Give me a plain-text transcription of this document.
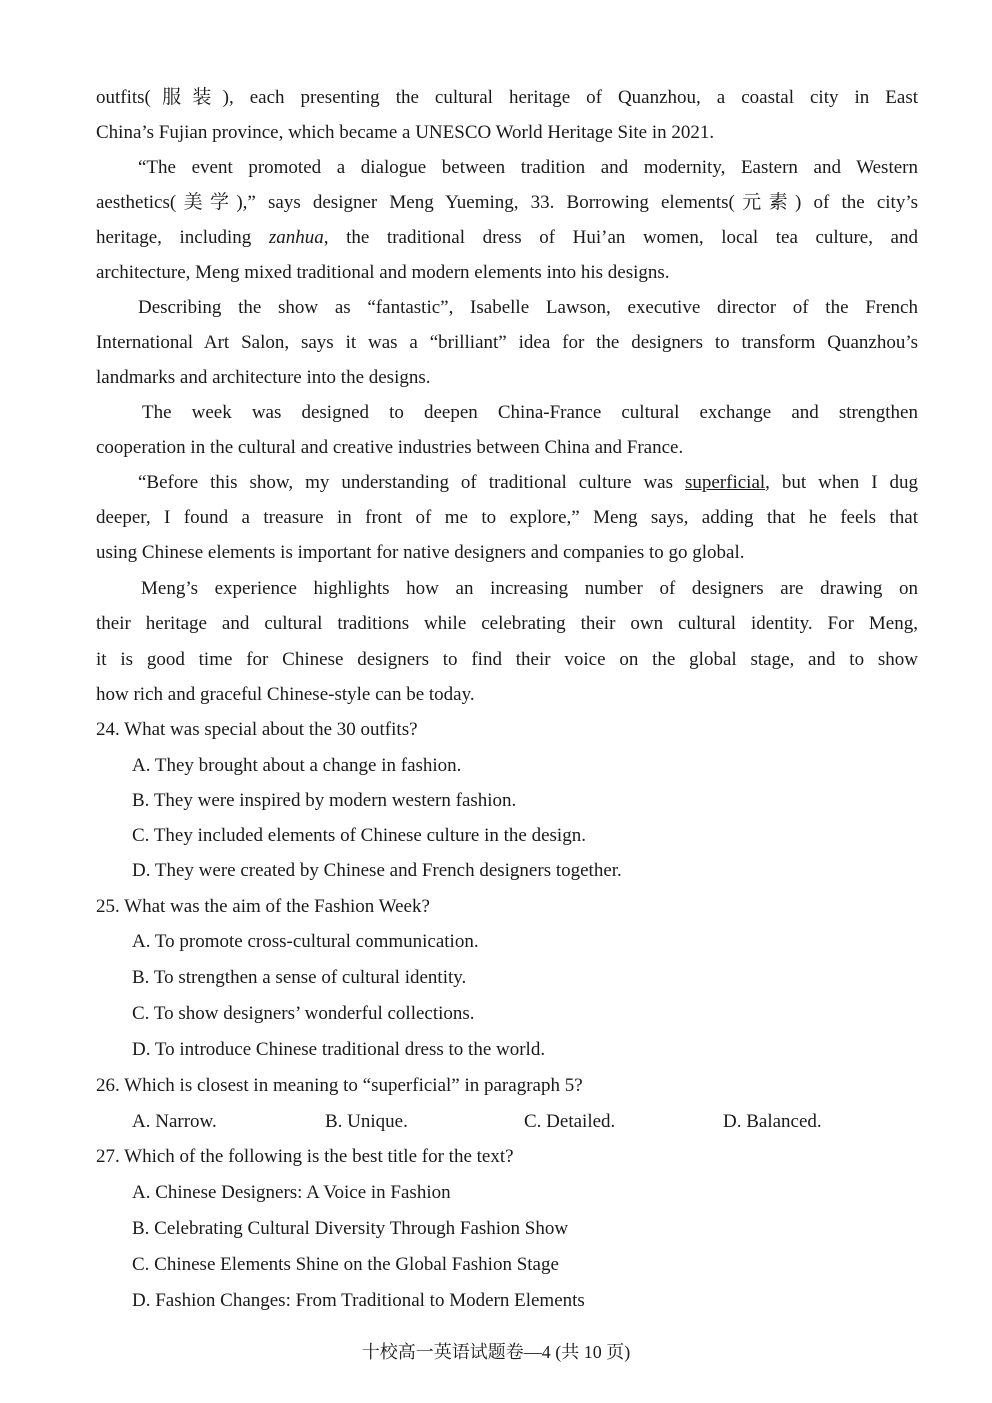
outfits(服装), each presenting the cultural heritage of Quanzhou, a coastal city in East
China’s Fujian province, which became a UNESCO World Heritage Site in 2021.
“The event promoted a dialogue between tradition and modernity, Eastern and Western
aesthetics(美学),” says designer Meng Yueming, 33. Borrowing elements(元素) of the city’s
heritage, including zanhua, the traditional dress of Hui’an women, local tea culture, and
architecture, Meng mixed traditional and modern elements into his designs.
Describing the show as “fantastic”, Isabelle Lawson, executive director of the French
International Art Salon, says it was a “brilliant” idea for the designers to transform Quanzhou’s
landmarks and architecture into the designs.
The week was designed to deepen China-France cultural exchange and strengthen
cooperation in the cultural and creative industries between China and France.
“Before this show, my understanding of traditional culture was superficial, but when I dug
deeper, I found a treasure in front of me to explore,” Meng says, adding that he feels that
using Chinese elements is important for native designers and companies to go global.
Meng’s experience highlights how an increasing number of designers are drawing on
their heritage and cultural traditions while celebrating their own cultural identity. For Meng,
it is good time for Chinese designers to find their voice on the global stage, and to show
how rich and graceful Chinese-style can be today.
24. What was special about the 30 outfits?
A. They brought about a change in fashion.
B. They were inspired by modern western fashion.
C. They included elements of Chinese culture in the design.
D. They were created by Chinese and French designers together.
25. What was the aim of the Fashion Week?
A. To promote cross-cultural communication.
B. To strengthen a sense of cultural identity.
C. To show designers’ wonderful collections.
D. To introduce Chinese traditional dress to the world.
26. Which is closest in meaning to “superficial” in paragraph 5?
A. Narrow.	B. Unique.	C. Detailed.	D. Balanced.
27. Which of the following is the best title for the text?
A. Chinese Designers: A Voice in Fashion
B. Celebrating Cultural Diversity Through Fashion Show
C. Chinese Elements Shine on the Global Fashion Stage
D. Fashion Changes: From Traditional to Modern Elements
十校高一英语试题卷—4 (共 10 页)
